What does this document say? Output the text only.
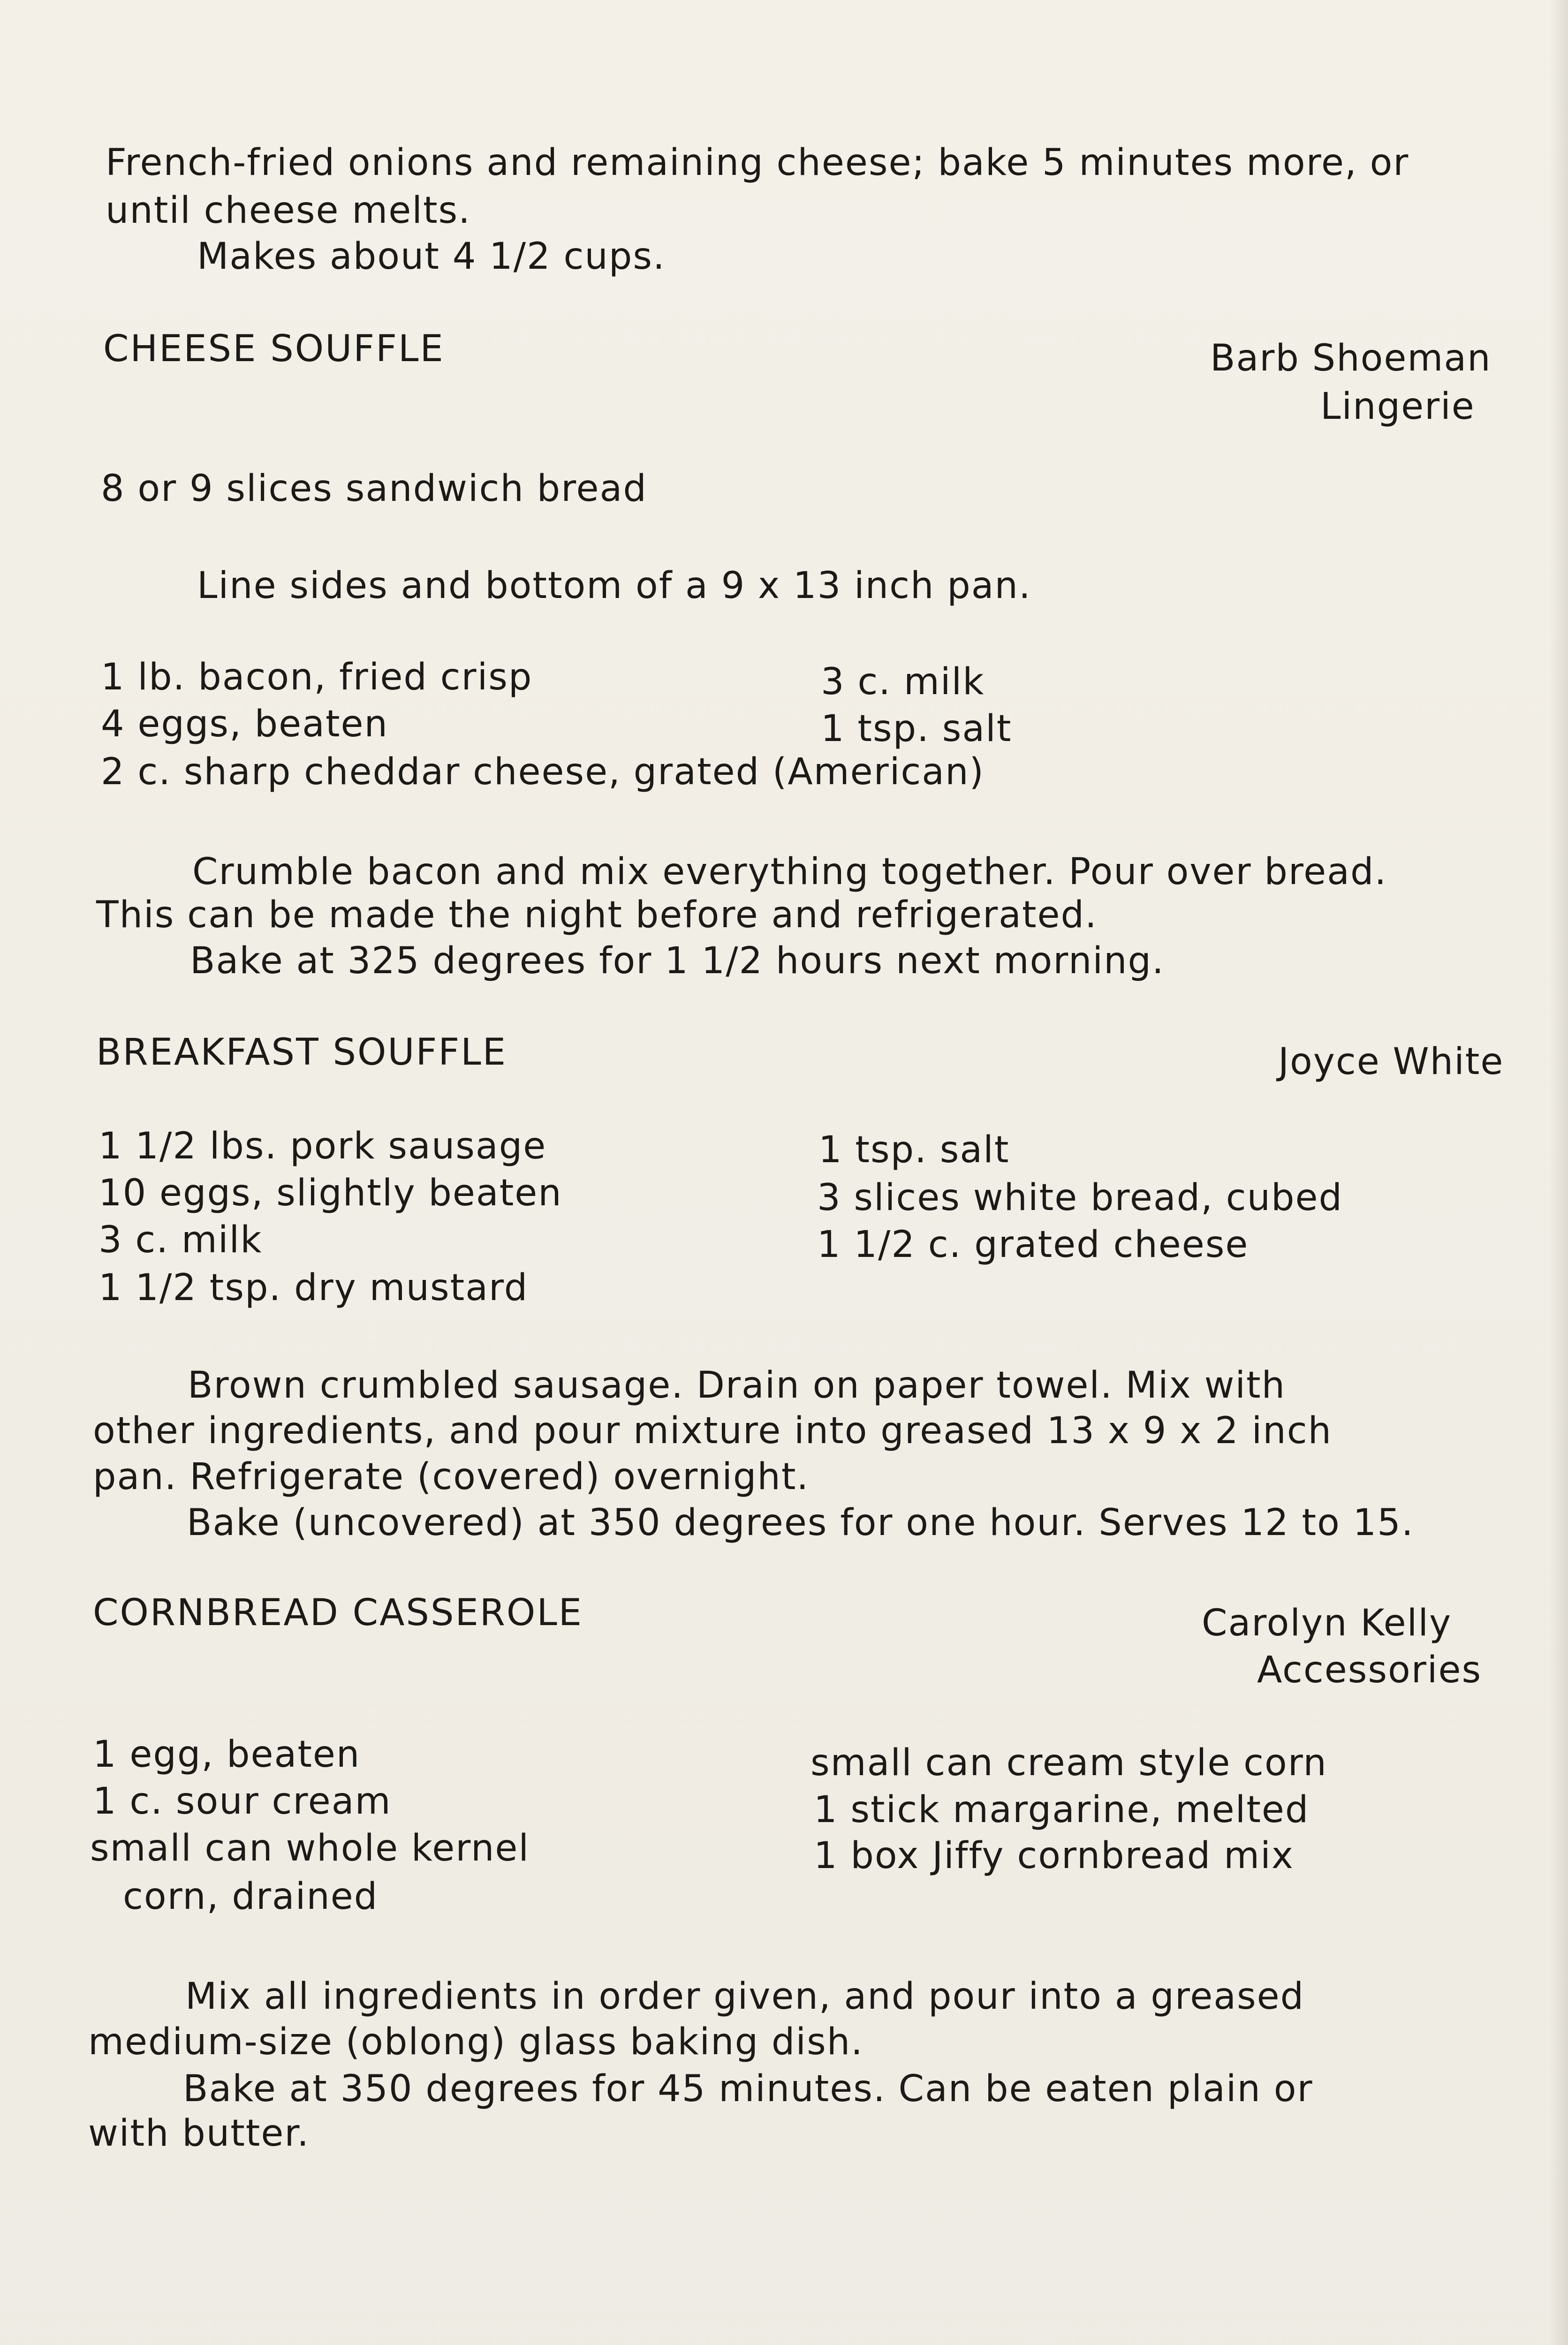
French-fried onions and remaining cheese; bake 5 minutes more, or
until cheese melts.
Makes about 4 1/2 cups.
CHEESE SOUFFLE	Barb Shoeman
Lingerie
8 or 9 slices sandwich bread
Line sides and bottom of a 9 x 13 inch pan.
1 lb. bacon, fried crisp
4 eggs, beaten
2 c. sharp cheddar cheese, grated (American)
3 c. milk
1 tsp. salt
Crumble bacon and mix everything together. Pour over bread.
This can be made the night before and refrigerated.
Bake at 325 degrees for 1 1/2 hours next morning.
BREAKFAST SOUFFLE	Joyce White
1 1/2 lbs. pork sausage
10 eggs, slightly beaten
3 c. milk
1 1/2 tsp. dry mustard
1 tsp. salt
3 slices white bread, cubed
1 1/2 c. grated cheese
Brown crumbled sausage. Drain on paper towel. Mix with
other ingredients, and pour mixture into greased 13 x 9 x 2 inch
pan. Refrigerate (covered) overnight.
Bake (uncovered) at 350 degrees for one hour. Serves 12 to 15.
CORNBREAD CASSEROLE	Carolyn Kelly
Accessories
1 egg, beaten
1 c. sour cream
small can whole kernel
corn, drained
small can cream style corn
1 stick margarine, melted
1 box Jiffy cornbread mix
Mix all ingredients in order given, and pour into a greased
medium-size (oblong) glass baking dish.
Bake at 350 degrees for 45 minutes. Can be eaten plain or
with butter.
